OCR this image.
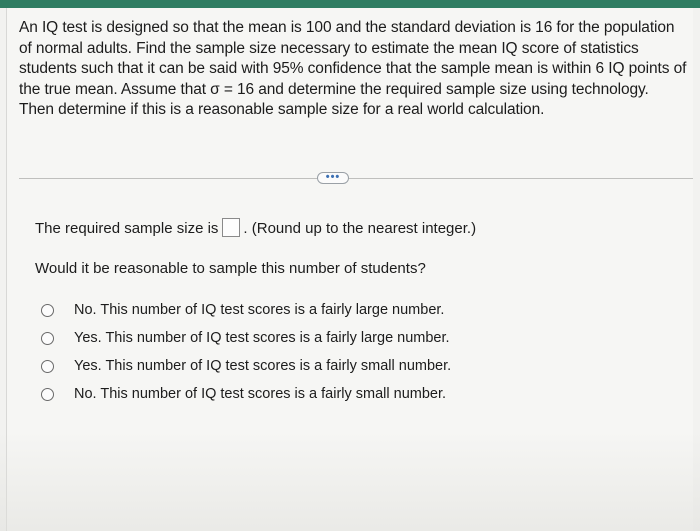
An IQ test is designed so that the mean is 100 and the standard deviation is 16 for the population of normal adults. Find the sample size necessary to estimate the mean IQ score of statistics students such that it can be said with 95% confidence that the sample mean is within 6 IQ points of the true mean. Assume that σ = 16 and determine the required sample size using technology. Then determine if this is a reasonable sample size for a real world calculation.
•••
The required sample size is . (Round up to the nearest integer.)
Would it be reasonable to sample this number of students?
No. This number of IQ test scores is a fairly large number.
Yes. This number of IQ test scores is a fairly large number.
Yes. This number of IQ test scores is a fairly small number.
No. This number of IQ test scores is a fairly small number.
